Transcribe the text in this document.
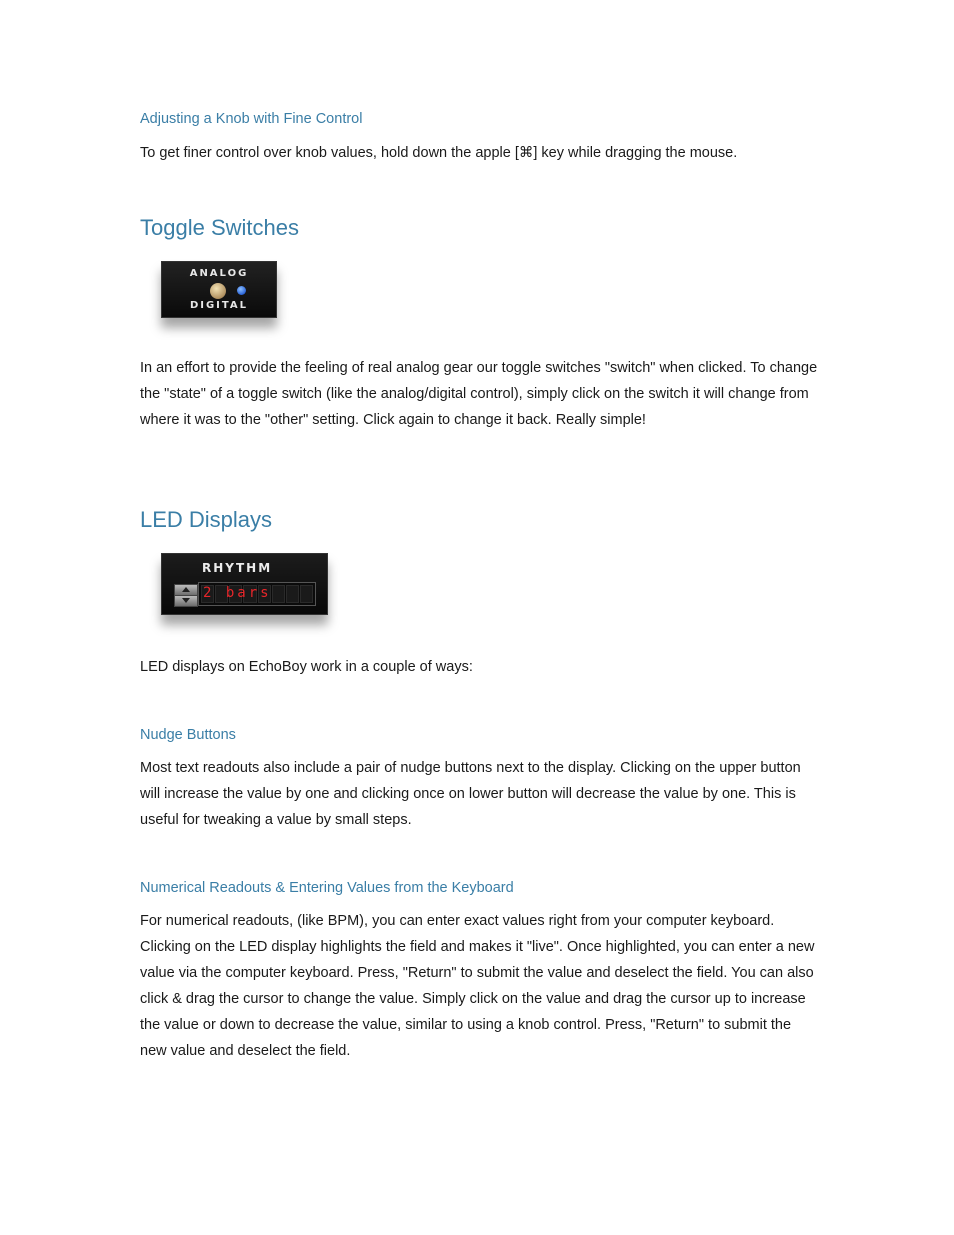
Adjusting a Knob with Fine Control

To get finer control over knob values, hold down the apple [⌘] key while dragging the mouse.

Toggle Switches
ANALOG
DIGITAL

In an effort to provide the feeling of real analog gear our toggle switches "switch" when clicked. To change the "state" of a toggle switch (like the analog/digital control), simply click on the switch it will change from where it was to the "other" setting. Click again to change it back. Really simple!

LED Displays
RHYTHM
2 bars

LED displays on EchoBoy work in a couple of ways:

Nudge Buttons

Most text readouts also include a pair of nudge buttons next to the display. Clicking on the upper button will increase the value by one and clicking once on lower button will decrease the value by one. This is useful for tweaking a value by small steps.

Numerical Readouts & Entering Values from the Keyboard

For numerical readouts, (like BPM), you can enter exact values right from your computer keyboard. Clicking on the LED display highlights the field and makes it "live". Once highlighted, you can enter a new value via the computer keyboard. Press, "Return" to submit the value and deselect the field. You can also click & drag the cursor to change the value. Simply click on the value and drag the cursor up to increase the value or down to decrease the value, similar to using a knob control. Press, "Return" to submit the new value and deselect the field.
